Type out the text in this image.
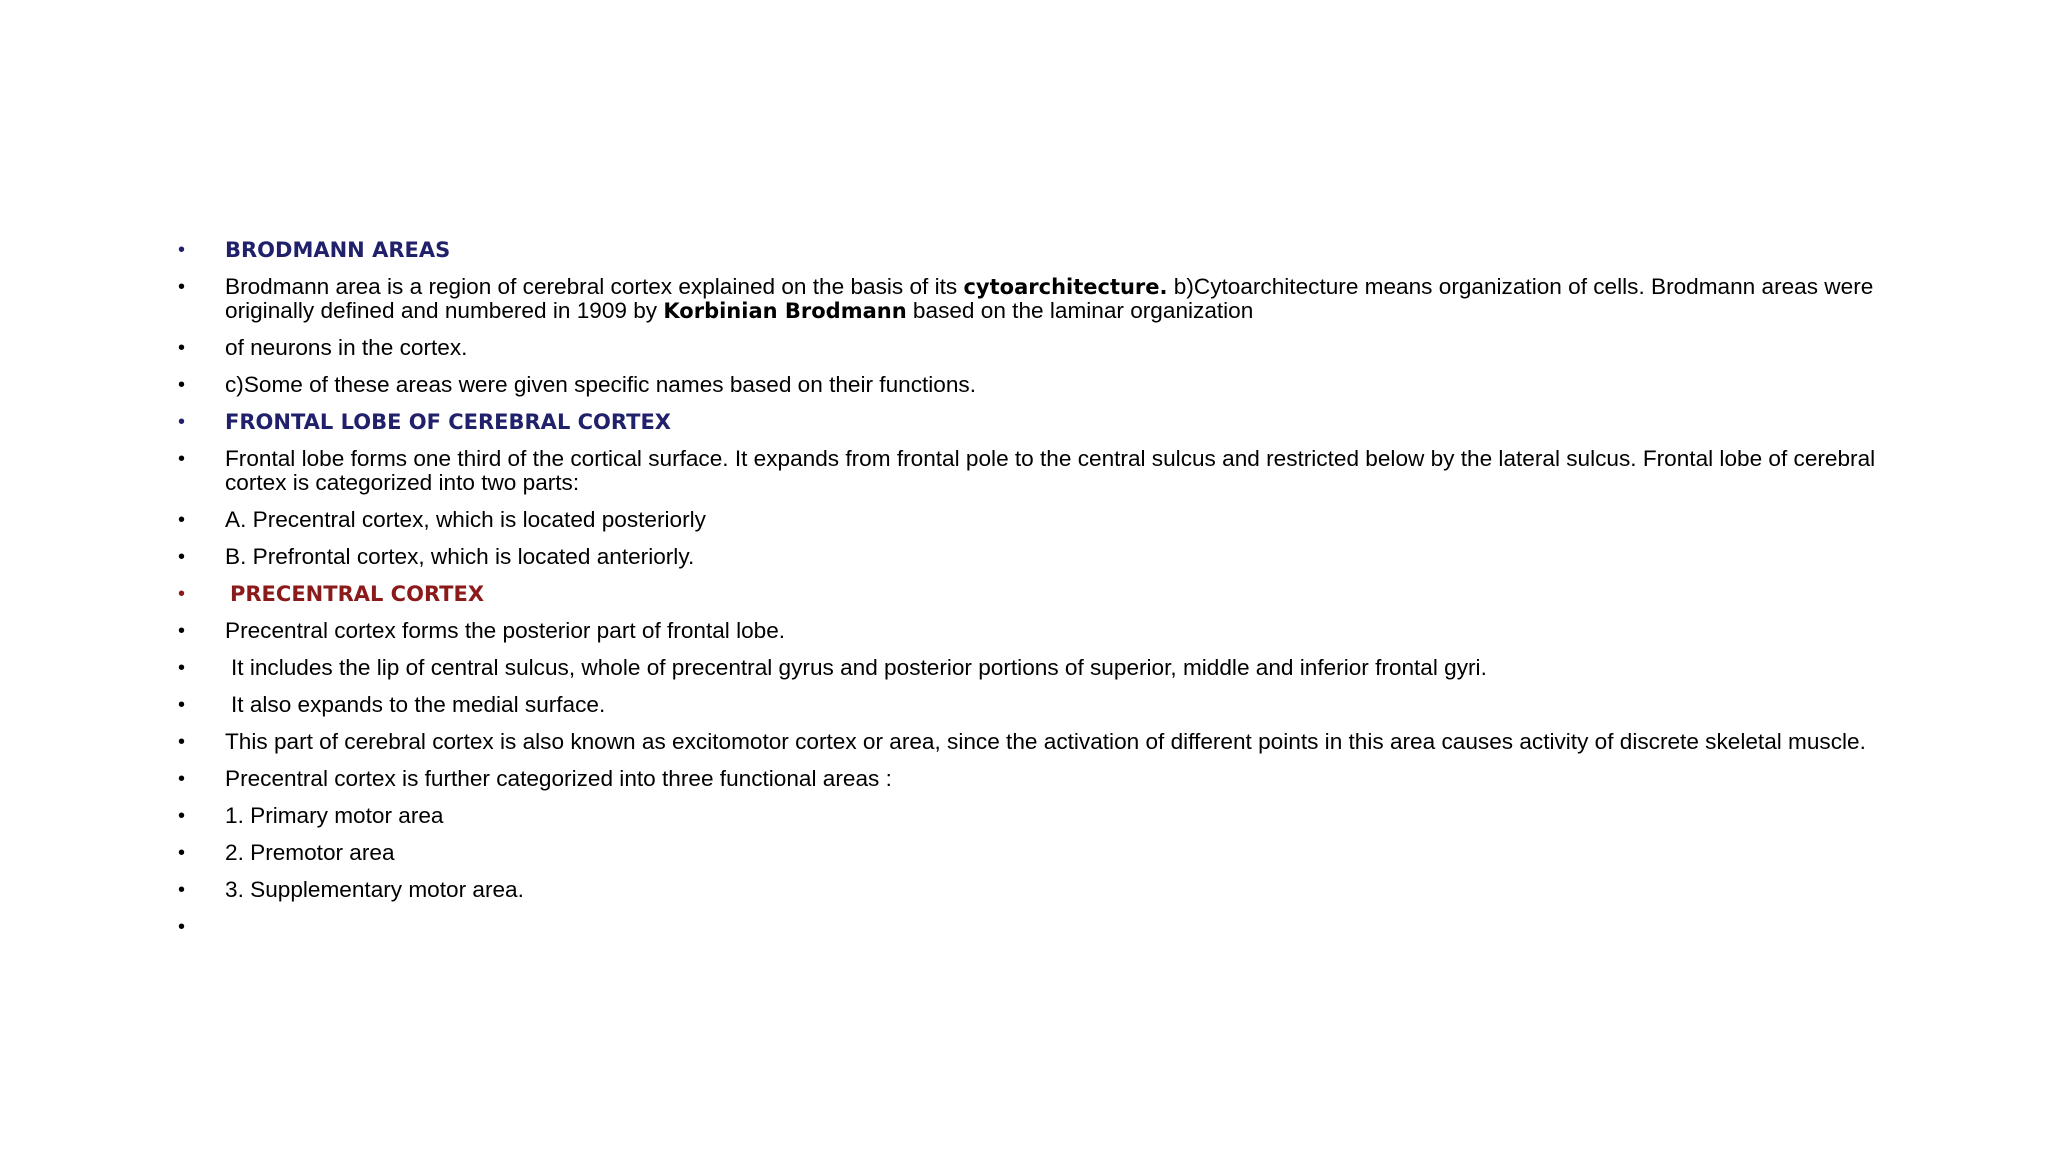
• BRODMANN AREAS
• Brodmann area is a region of cerebral cortex explained on the basis of its cytoarchitecture. b)Cytoarchitecture means organization of cells. Brodmann areas were originally defined and numbered in 1909 by Korbinian Brodmann based on the laminar organization
• of neurons in the cortex.
• c)Some of these areas were given specific names based on their functions.
• FRONTAL LOBE OF CEREBRAL CORTEX
• Frontal lobe forms one third of the cortical surface. It expands from frontal pole to the central sulcus and restricted below by the lateral sulcus. Frontal lobe of cerebral cortex is categorized into two parts:
• A. Precentral cortex, which is located posteriorly
• B. Prefrontal cortex, which is located anteriorly.
• PRECENTRAL CORTEX
• Precentral cortex forms the posterior part of frontal lobe.
• It includes the lip of central sulcus, whole of precentral gyrus and posterior portions of superior, middle and inferior frontal gyri.
• It also expands to the medial surface.
• This part of cerebral cortex is also known as excitomotor cortex or area, since the activation of different points in this area causes activity of discrete skeletal muscle.
• Precentral cortex is further categorized into three functional areas :
• 1. Primary motor area
• 2. Premotor area
• 3. Supplementary motor area.
•
